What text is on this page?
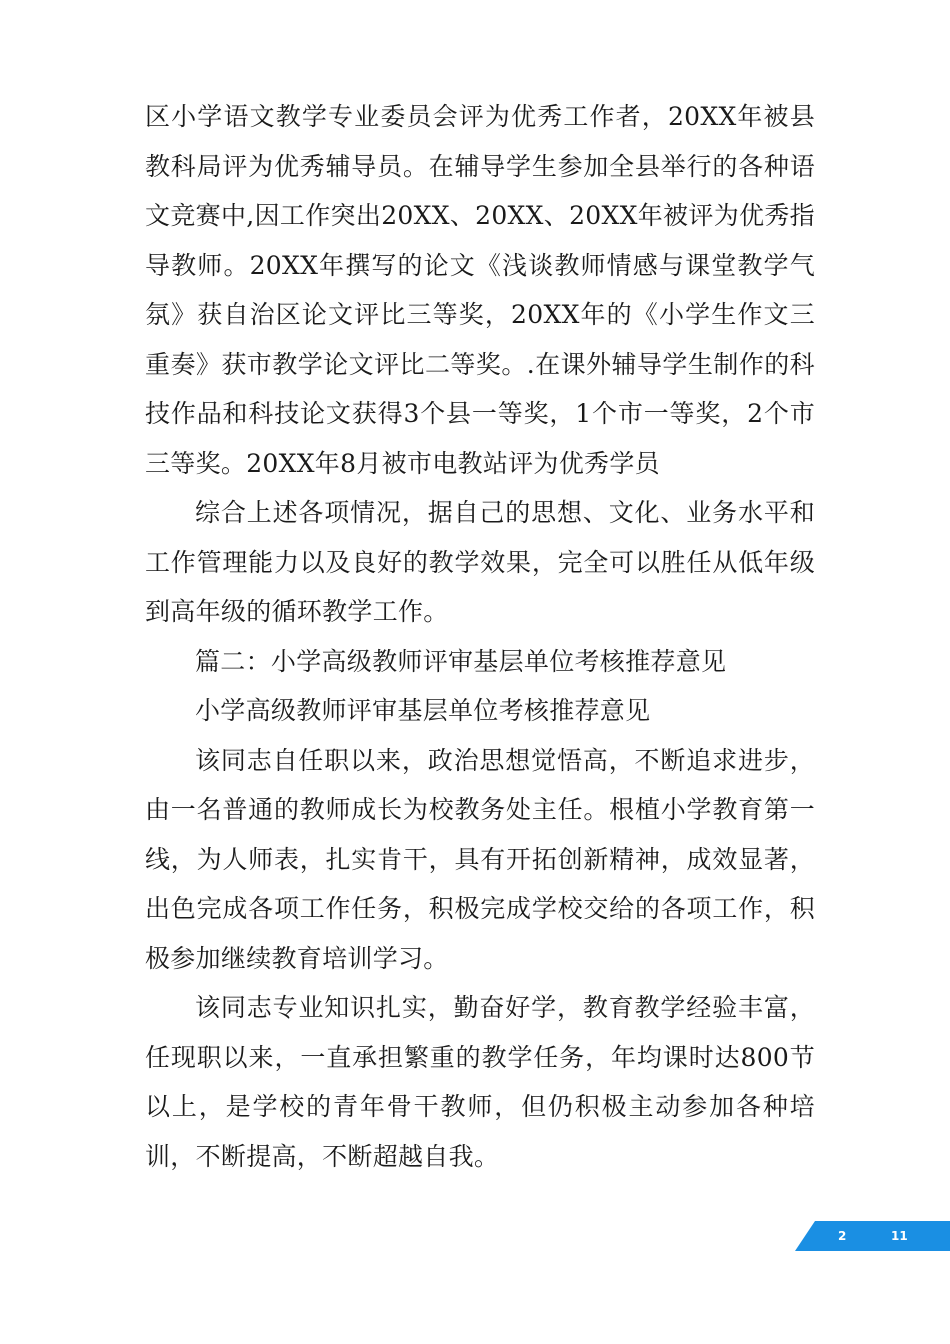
区小学语文教学专业委员会评为优秀工作者，20XX年被县教科局评为优秀辅导员。在辅导学生参加全县举行的各种语文竞赛中,因工作突出20XX、20XX、20XX年被评为优秀指导教师。20XX年撰写的论文《浅谈教师情感与课堂教学气氛》获自治区论文评比三等奖，20XX年的《小学生作文三重奏》获市教学论文评比二等奖。.在课外辅导学生制作的科技作品和科技论文获得3个县一等奖，1个市一等奖，2个市三等奖。20XX年8月被市电教站评为优秀学员

综合上述各项情况，据自己的思想、文化、业务水平和工作管理能力以及良好的教学效果，完全可以胜任从低年级到高年级的循环教学工作。

篇二：小学高级教师评审基层单位考核推荐意见

小学高级教师评审基层单位考核推荐意见

该同志自任职以来，政治思想觉悟高，不断追求进步，由一名普通的教师成长为校教务处主任。根植小学教育第一线，为人师表，扎实肯干，具有开拓创新精神，成效显著，出色完成各项工作任务，积极完成学校交给的各项工作，积极参加继续教育培训学习。

该同志专业知识扎实，勤奋好学，教育教学经验丰富，任现职以来，一直承担繁重的教学任务，年均课时达800节以上，是学校的青年骨干教师，但仍积极主动参加各种培训，不断提高，不断超越自我。

2	11
